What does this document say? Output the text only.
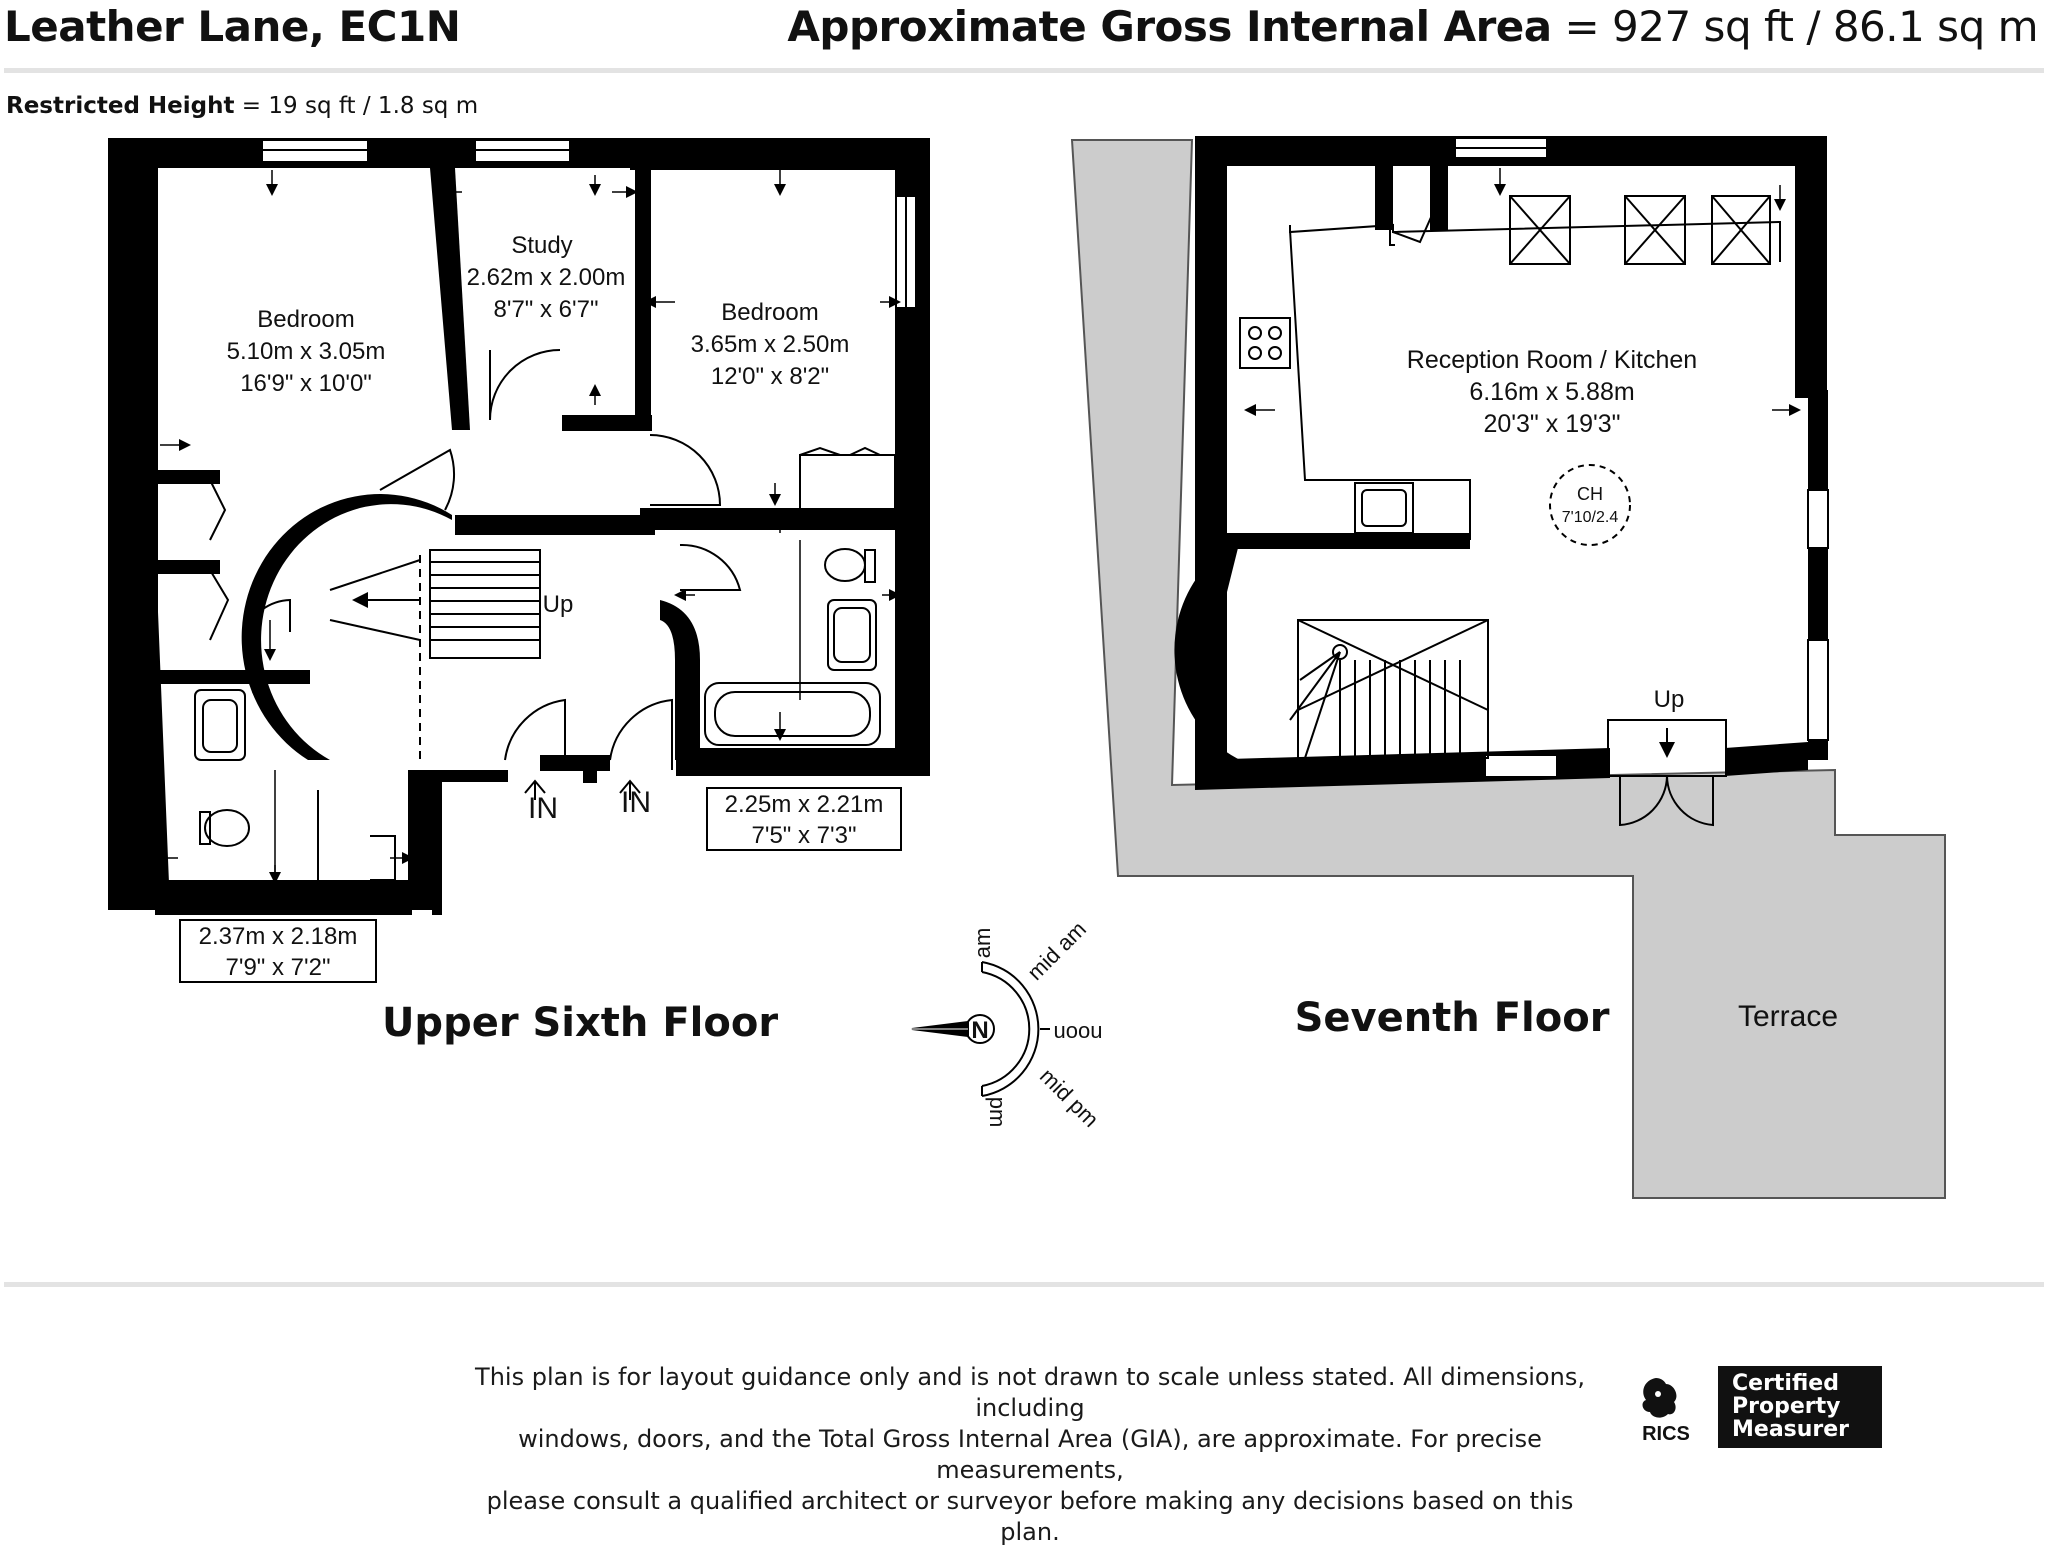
Leather Lane, EC1N	Approximate Gross Internal Area = 927 sq ft / 86.1 sq m
Restricted Height = 19 sq ft / 1.8 sq m
Bedroom
5.10m x 3.05m
16'9" x 10'0"
Study
2.62m x 2.00m
8'7" x 6'7"	Bedroom
3.65m x 2.50m
12'0" x 8'2"
Up
IN IN	2.25m x 2.21m
7'5" x 7'3"
2.37m x 2.18m
7'9" x 7'2"
Upper Sixth Floor
Reception Room / Kitchen
6.16m x 5.88m
20'3" x 19'3"
CH
7'10/2.4
Up
Terrace
Seventh Floor
N
am mid am
noon
mid pm
pm
This plan is for layout guidance only and is not drawn to scale unless stated. All dimensions, including
windows, doors, and the Total Gross Internal Area (GIA), are approximate. For precise measurements,
please consult a qualified architect or surveyor before making any decisions based on this plan.
RICS
Certified
Property
Measurer
